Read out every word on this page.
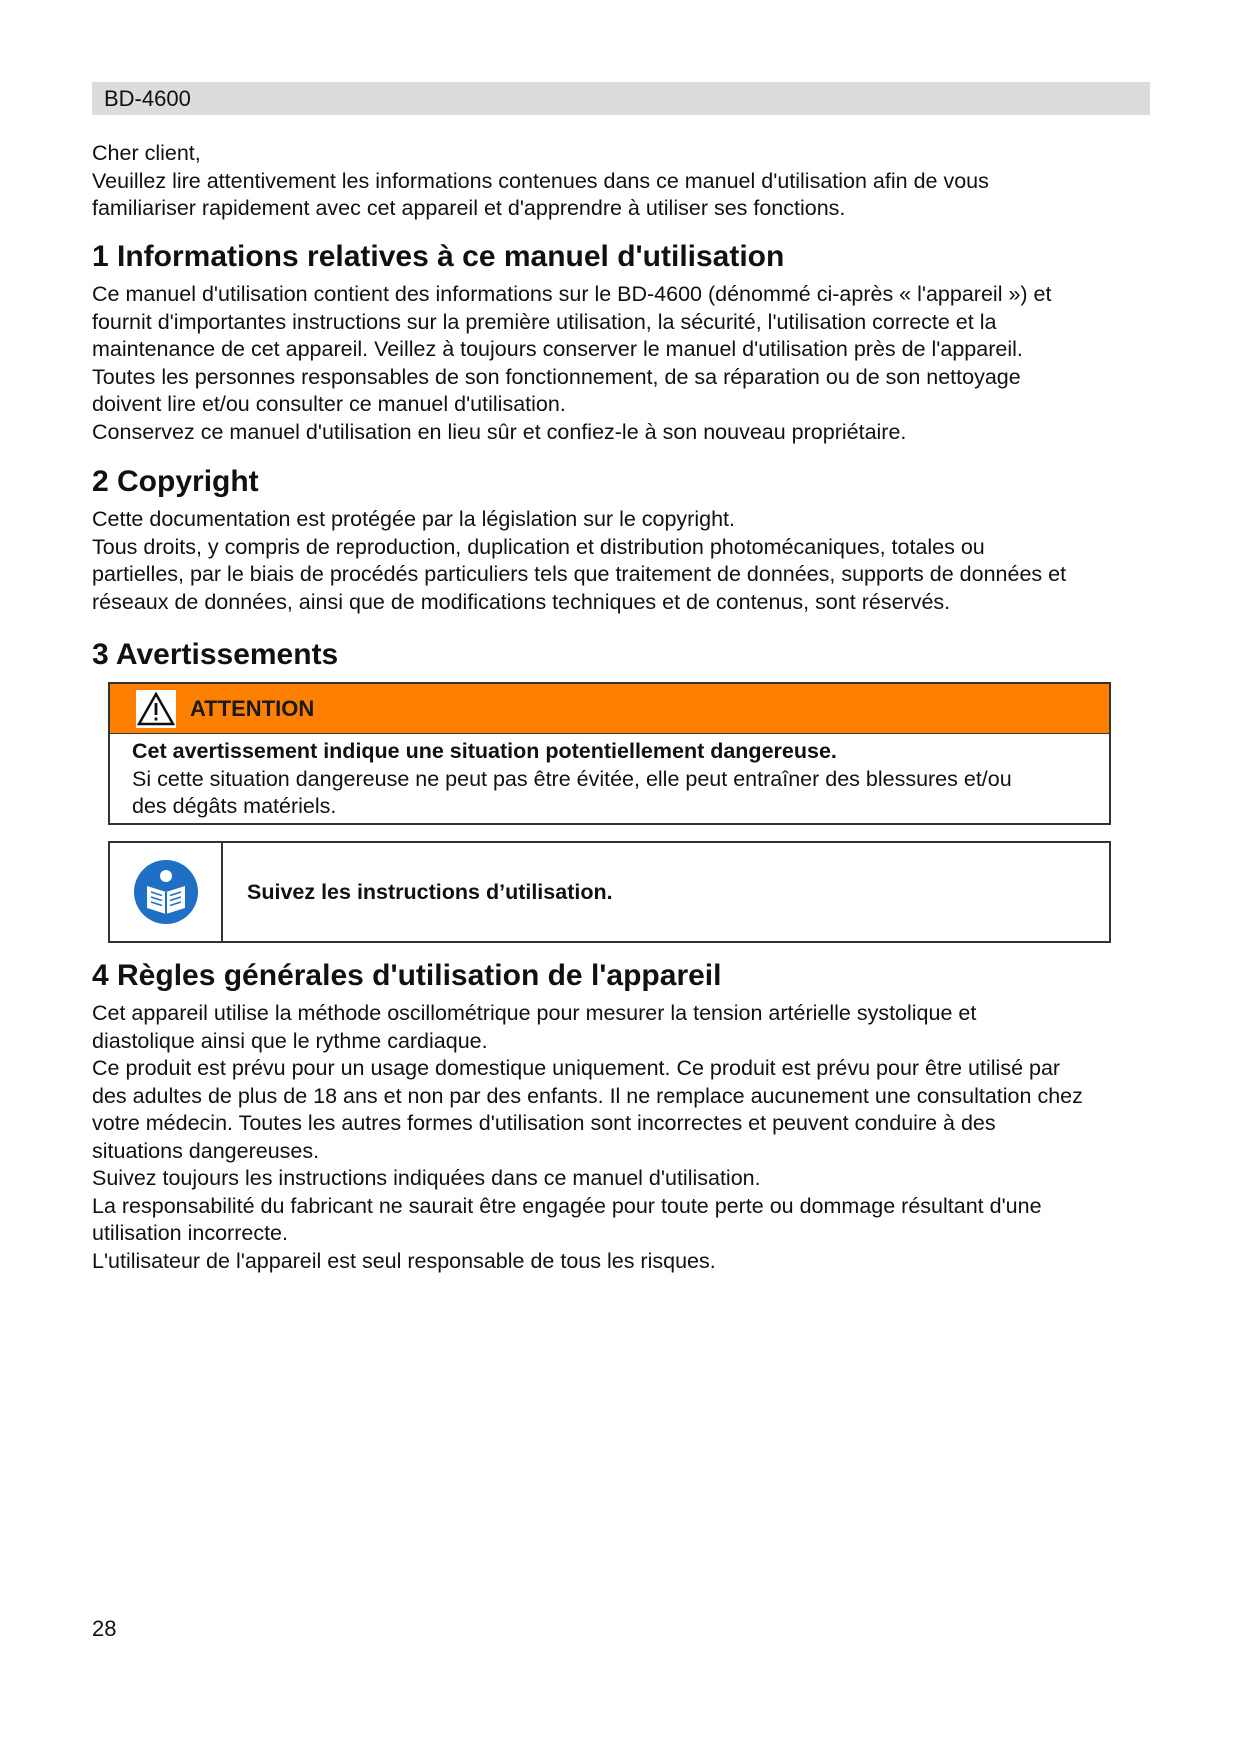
BD-4600

Cher client,

Veuillez lire attentivement les informations contenues dans ce manuel d'utilisation afin de vous

familiariser rapidement avec cet appareil et d'apprendre à utiliser ses fonctions.

1 Informations relatives à ce manuel d'utilisation

Ce manuel d'utilisation contient des informations sur le BD-4600 (dénommé ci-après « l'appareil ») et

fournit d'importantes instructions sur la première utilisation, la sécurité, l'utilisation correcte et la

maintenance de cet appareil. Veillez à toujours conserver le manuel d'utilisation près de l'appareil.

Toutes les personnes responsables de son fonctionnement, de sa réparation ou de son nettoyage

doivent lire et/ou consulter ce manuel d'utilisation.

Conservez ce manuel d'utilisation en lieu sûr et confiez-le à son nouveau propriétaire.

2 Copyright

Cette documentation est protégée par la législation sur le copyright.

Tous droits, y compris de reproduction, duplication et distribution photomécaniques, totales ou

partielles, par le biais de procédés particuliers tels que traitement de données, supports de données et

réseaux de données, ainsi que de modifications techniques et de contenus, sont réservés.

3 Avertissements
ATTENTION

Cet avertissement indique une situation potentiellement dangereuse.

Si cette situation dangereuse ne peut pas être évitée, elle peut entraîner des blessures et/ou

des dégâts matériels.

Suivez les instructions d’utilisation.
4 Règles générales d'utilisation de l'appareil

Cet appareil utilise la méthode oscillométrique pour mesurer la tension artérielle systolique et

diastolique ainsi que le rythme cardiaque.

Ce produit est prévu pour un usage domestique uniquement. Ce produit est prévu pour être utilisé par

des adultes de plus de 18 ans et non par des enfants. Il ne remplace aucunement une consultation chez

votre médecin. Toutes les autres formes d'utilisation sont incorrectes et peuvent conduire à des

situations dangereuses.

Suivez toujours les instructions indiquées dans ce manuel d'utilisation.

La responsabilité du fabricant ne saurait être engagée pour toute perte ou dommage résultant d'une

utilisation incorrecte.

L'utilisateur de l'appareil est seul responsable de tous les risques.

28
